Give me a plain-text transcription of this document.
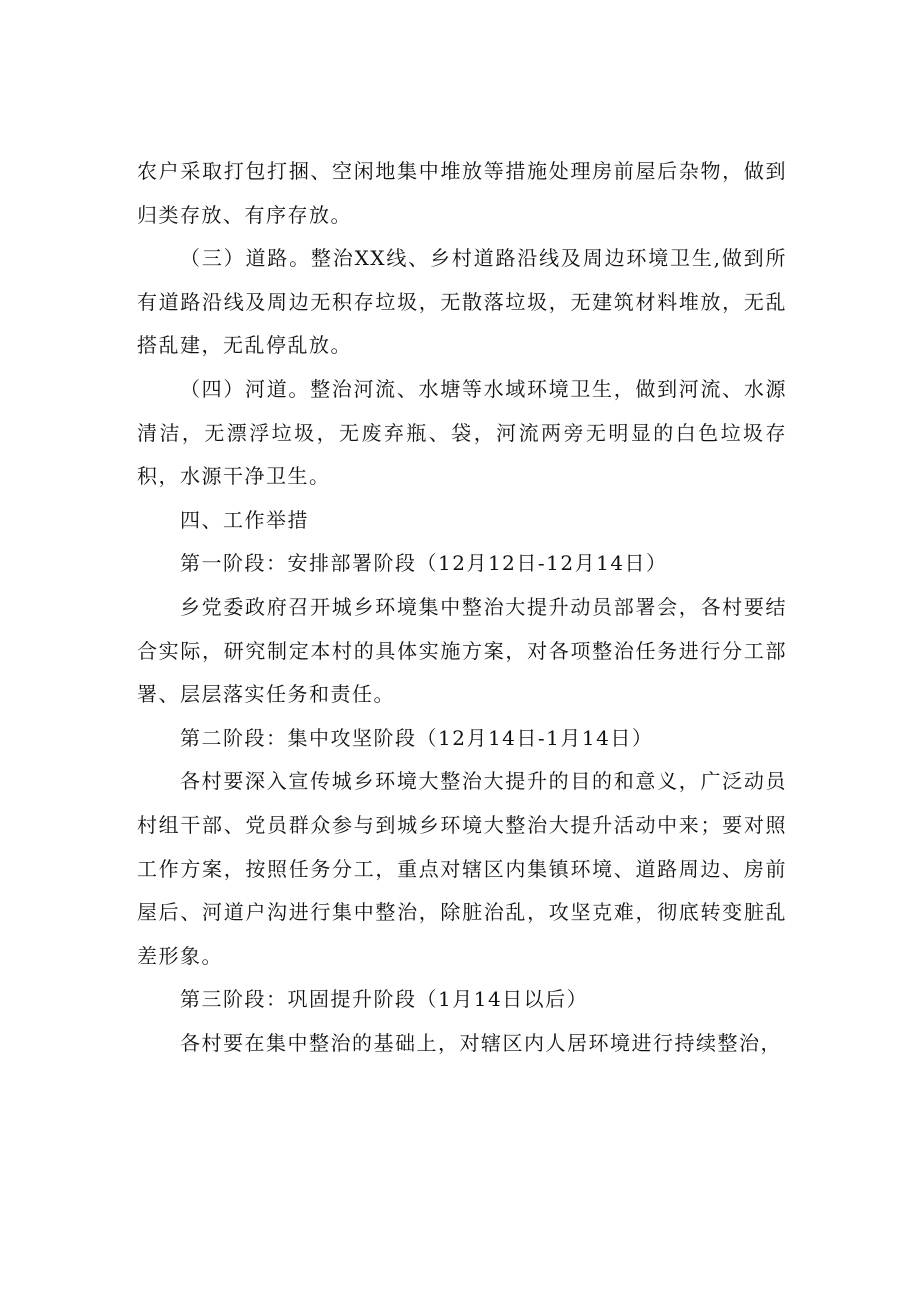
农户采取打包打捆、空闲地集中堆放等措施处理房前屋后杂物，做到归类存放、有序存放。

（三）道路。整治XX线、乡村道路沿线及周边环境卫生,做到所有道路沿线及周边无积存垃圾，无散落垃圾，无建筑材料堆放，无乱搭乱建，无乱停乱放。

（四）河道。整治河流、水塘等水域环境卫生，做到河流、水源清洁，无漂浮垃圾，无废弃瓶、袋，河流两旁无明显的白色垃圾存积，水源干净卫生。

四、工作举措

第一阶段：安排部署阶段（12月12日-12月14日）

乡党委政府召开城乡环境集中整治大提升动员部署会，各村要结合实际，研究制定本村的具体实施方案，对各项整治任务进行分工部署、层层落实任务和责任。

第二阶段：集中攻坚阶段（12月14日-1月14日）

各村要深入宣传城乡环境大整治大提升的目的和意义，广泛动员村组干部、党员群众参与到城乡环境大整治大提升活动中来；要对照工作方案，按照任务分工，重点对辖区内集镇环境、道路周边、房前屋后、河道户沟进行集中整治，除脏治乱，攻坚克难，彻底转变脏乱差形象。

第三阶段：巩固提升阶段（1月14日以后）

各村要在集中整治的基础上，对辖区内人居环境进行持续整治，
